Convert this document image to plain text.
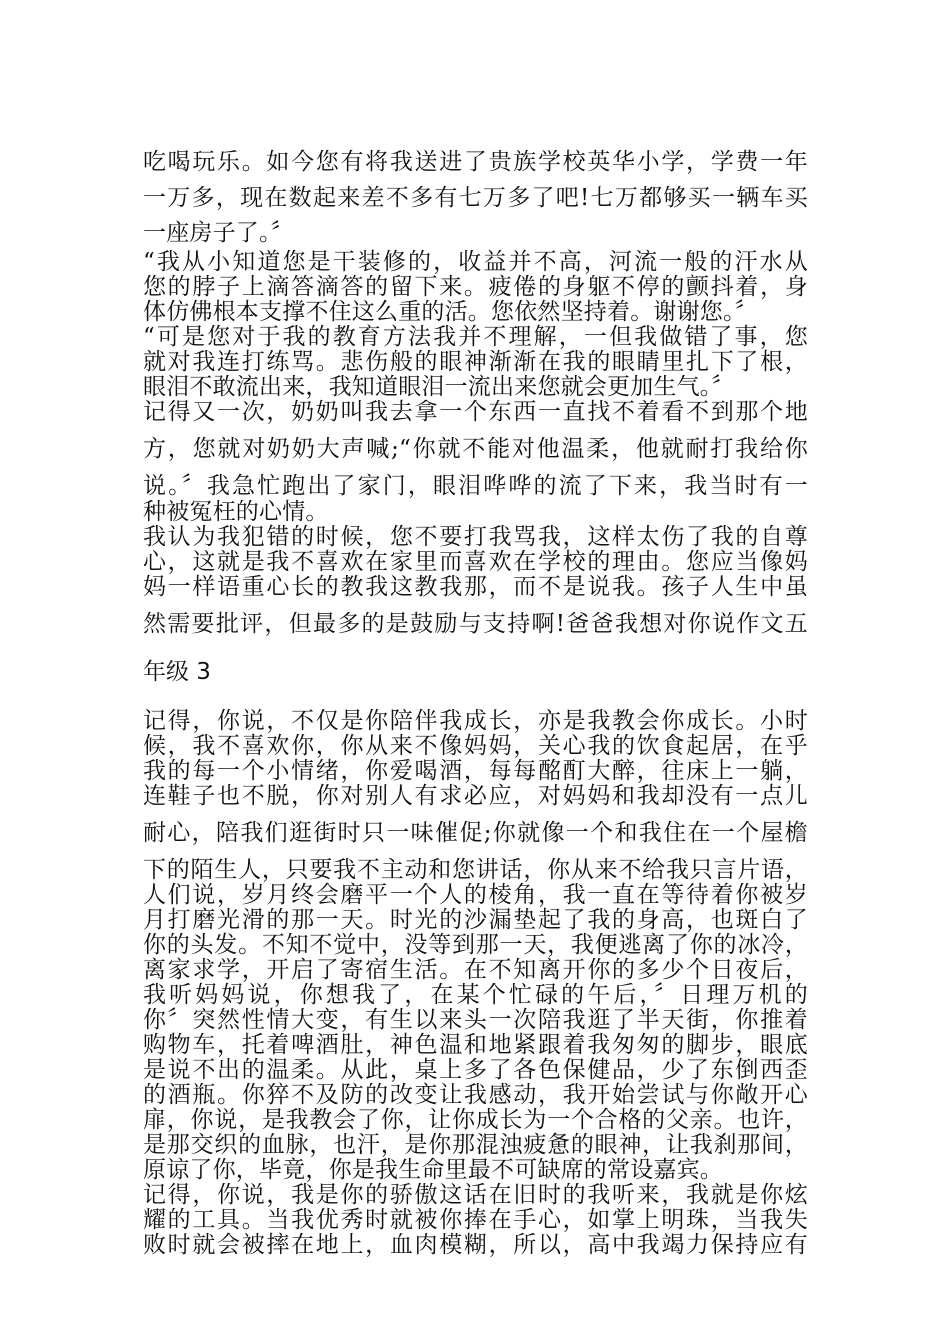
吃喝玩乐。如今您有将我送进了贵族学校英华小学，学费一年
一万多，现在数起来差不多有七万多了吧!七万都够买一辆车买
一座房子了。〞
“我从小知道您是干装修的，收益并不高，河流一般的汗水从
您的脖子上滴答滴答的留下来。疲倦的身躯不停的颤抖着，身
体仿佛根本支撑不住这么重的活。您依然坚持着。谢谢您。〞
“可是您对于我的教育方法我并不理解，一但我做错了事，您
就对我连打练骂。悲伤般的眼神渐渐在我的眼睛里扎下了根，
眼泪不敢流出来，我知道眼泪一流出来您就会更加生气。〞
记得又一次，奶奶叫我去拿一个东西一直找不着看不到那个地
方，您就对奶奶大声喊;“你就不能对他温柔，他就耐打我给你
说。〞我急忙跑出了家门，眼泪哗哗的流了下来，我当时有一
种被冤枉的心情。
我认为我犯错的时候，您不要打我骂我，这样太伤了我的自尊
心，这就是我不喜欢在家里而喜欢在学校的理由。您应当像妈
妈一样语重心长的教我这教我那，而不是说我。孩子人生中虽
然需要批评，但最多的是鼓励与支持啊!爸爸我想对你说作文五
年级 3
记得，你说，不仅是你陪伴我成长，亦是我教会你成长。小时
候，我不喜欢你，你从来不像妈妈，关心我的饮食起居，在乎
我的每一个小情绪，你爱喝酒，每每酩酊大醉，往床上一躺，
连鞋子也不脱，你对别人有求必应，对妈妈和我却没有一点儿
耐心，陪我们逛街时只一味催促;你就像一个和我住在一个屋檐
下的陌生人，只要我不主动和您讲话，你从来不给我只言片语，
人们说，岁月终会磨平一个人的棱角，我一直在等待着你被岁
月打磨光滑的那一天。时光的沙漏垫起了我的身高，也斑白了
你的头发。不知不觉中，没等到那一天，我便逃离了你的冰冷，
离家求学，开启了寄宿生活。在不知离开你的多少个日夜后，
我听妈妈说，你想我了，在某个忙碌的午后，〞日理万机的
你〞突然性情大变，有生以来头一次陪我逛了半天街，你推着
购物车，托着啤酒肚，神色温和地紧跟着我匆匆的脚步，眼底
是说不出的温柔。从此，桌上多了各色保健品，少了东倒西歪
的酒瓶。你猝不及防的改变让我感动，我开始尝试与你敞开心
扉，你说，是我教会了你，让你成长为一个合格的父亲。也许，
是那交织的血脉，也汗，是你那混浊疲惫的眼神，让我刹那间，
原谅了你，毕竟，你是我生命里最不可缺席的常设嘉宾。
记得，你说，我是你的骄傲这话在旧时的我听来，我就是你炫
耀的工具。当我优秀时就被你捧在手心，如掌上明珠，当我失
败时就会被摔在地上，血肉模糊，所以，高中我竭力保持应有
